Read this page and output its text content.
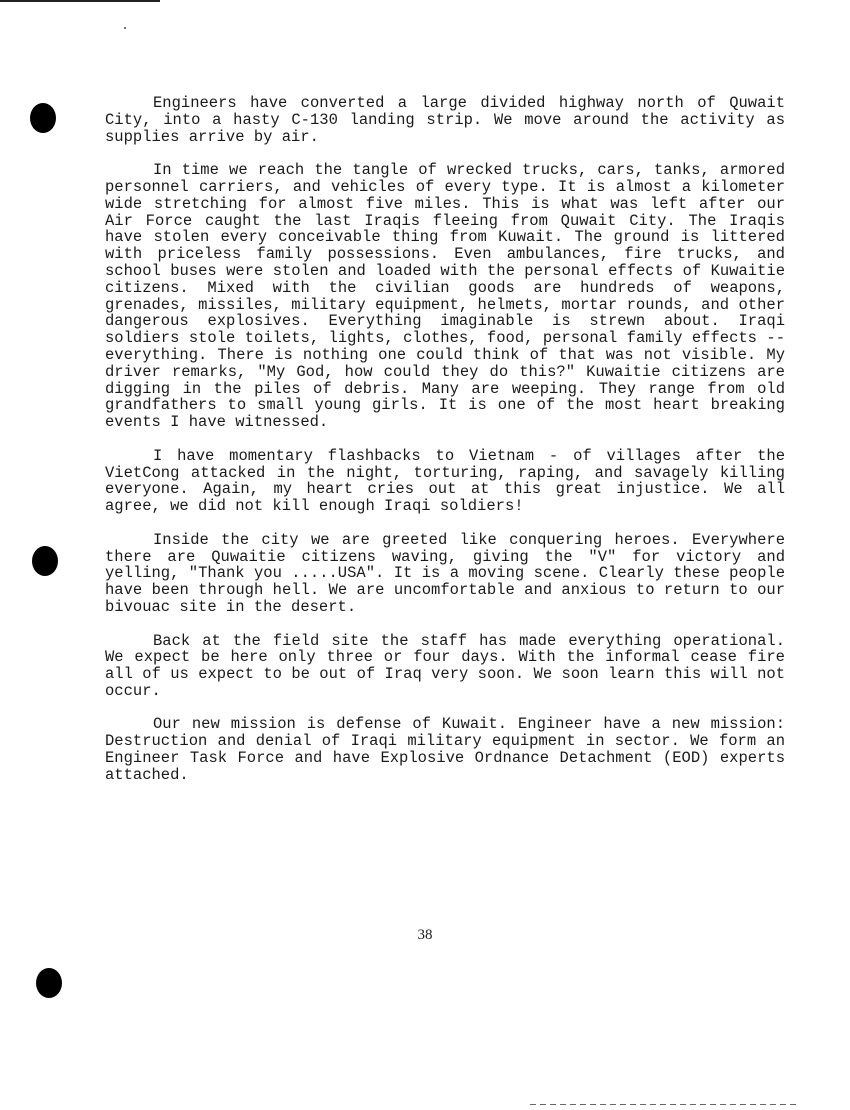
Engineers have converted a large divided highway north of Quwait City, into a hasty C-130 landing strip. We move around the activity as supplies arrive by air.

In time we reach the tangle of wrecked trucks, cars, tanks, armored personnel carriers, and vehicles of every type. It is almost a kilometer wide stretching for almost five miles. This is what was left after our Air Force caught the last Iraqis fleeing from Quwait City. The Iraqis have stolen every conceivable thing from Kuwait. The ground is littered with priceless family possessions. Even ambulances, fire trucks, and school buses were stolen and loaded with the personal effects of Kuwaitie citizens. Mixed with the civilian goods are hundreds of weapons, grenades, missiles, military equipment, helmets, mortar rounds, and other dangerous explosives. Everything imaginable is strewn about. Iraqi soldiers stole toilets, lights, clothes, food, personal family effects -- everything. There is nothing one could think of that was not visible. My driver remarks, "My God, how could they do this?" Kuwaitie citizens are digging in the piles of debris. Many are weeping. They range from old grandfathers to small young girls. It is one of the most heart breaking events I have witnessed.

I have momentary flashbacks to Vietnam - of villages after the VietCong attacked in the night, torturing, raping, and savagely killing everyone. Again, my heart cries out at this great injustice. We all agree, we did not kill enough Iraqi soldiers!

Inside the city we are greeted like conquering heroes. Everywhere there are Quwaitie citizens waving, giving the "V" for victory and yelling, "Thank you .....USA". It is a moving scene. Clearly these people have been through hell. We are uncomfortable and anxious to return to our bivouac site in the desert.

Back at the field site the staff has made everything operational. We expect be here only three or four days. With the informal cease fire all of us expect to be out of Iraq very soon. We soon learn this will not occur.

Our new mission is defense of Kuwait. Engineer have a new mission: Destruction and denial of Iraqi military equipment in sector. We form an Engineer Task Force and have Explosive Ordnance Detachment (EOD) experts attached.

38
